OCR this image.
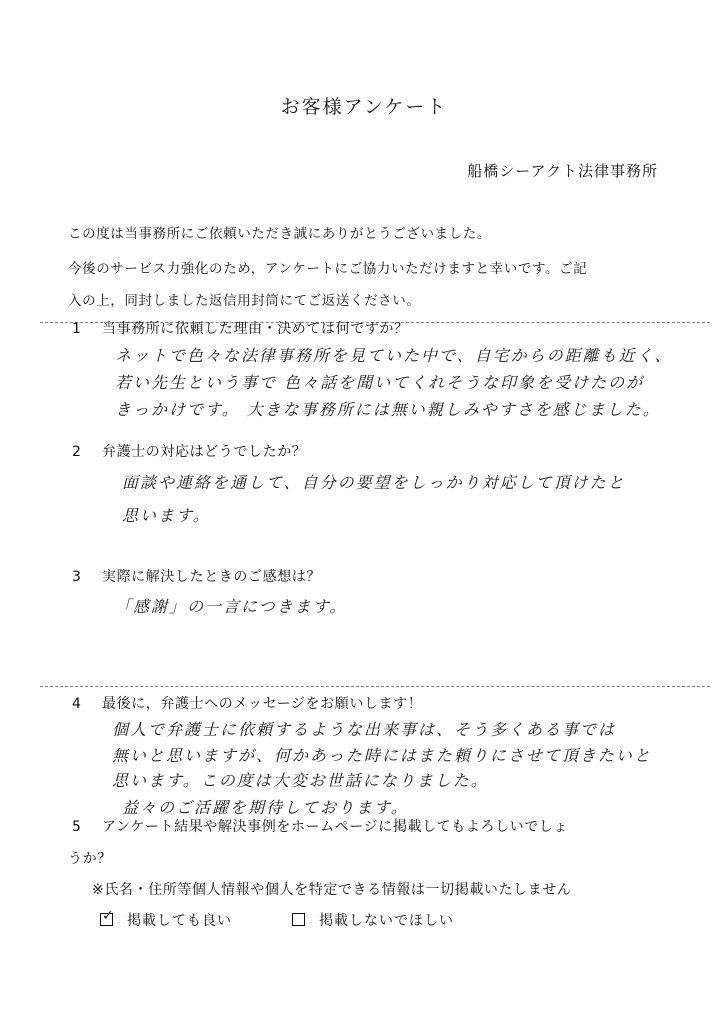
お客様アンケート
船橋シーアクト法律事務所
この度は当事務所にご依頼いただき誠にありがとうございました。
今後のサービス力強化のため，アンケートにご協力いただけますと幸いです。ご記
入の上，同封しました返信用封筒にてご返送ください。
1 当事務所に依頼した理由・決めては何ですか？
ネットで色々な法律事務所を見ていた中で、自宅からの距離も近く、
若い先生という事で 色々話を聞いてくれそうな印象を受けたのが
きっかけです。 大きな事務所には無い親しみやすさを感じました。
2 弁護士の対応はどうでしたか？
面談や連絡を通して、自分の要望をしっかり対応して頂けたと
思います。
3 実際に解決したときのご感想は？
「感謝」の一言につきます。
4 最後に，弁護士へのメッセージをお願いします！
個人で弁護士に依頼するような出来事は、そう多くある事では
無いと思いますが、何かあった時にはまた頼りにさせて頂きたいと
思います。この度は大変お世話になりました。
益々のご活躍を期待しております。
5 アンケート結果や解決事例をホームページに掲載してもよろしいでしょ
うか？
※氏名・住所等個人情報や個人を特定できる情報は一切掲載いたしません
✓ 掲載しても良い	掲載しないでほしい
